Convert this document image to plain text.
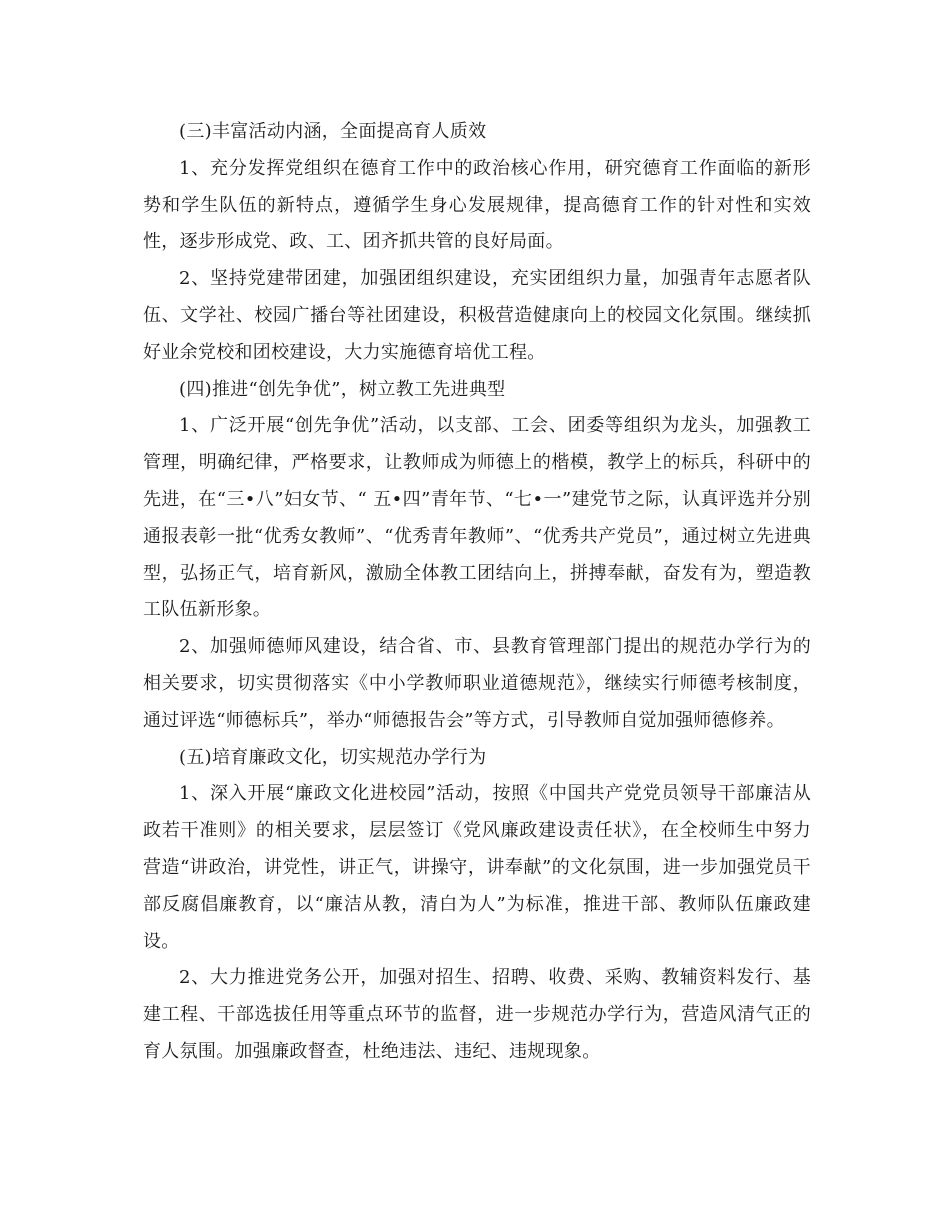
(三)丰富活动内涵，全面提高育人质效

1、充分发挥党组织在德育工作中的政治核心作用，研究德育工作面临的新形势和学生队伍的新特点，遵循学生身心发展规律，提高德育工作的针对性和实效性，逐步形成党、政、工、团齐抓共管的良好局面。

2、坚持党建带团建，加强团组织建设，充实团组织力量，加强青年志愿者队伍、文学社、校园广播台等社团建设，积极营造健康向上的校园文化氛围。继续抓好业余党校和团校建设，大力实施德育培优工程。

(四)推进“创先争优”，树立教工先进典型

1、广泛开展“创先争优”活动，以支部、工会、团委等组织为龙头，加强教工管理，明确纪律，严格要求，让教师成为师德上的楷模，教学上的标兵，科研中的先进，在“三•八”妇女节、“ 五•四”青年节、“七•一”建党节之际，认真评选并分别通报表彰一批“优秀女教师”、“优秀青年教师”、“优秀共产党员”，通过树立先进典型，弘扬正气，培育新风，激励全体教工团结向上，拼搏奉献，奋发有为，塑造教工队伍新形象。

2、加强师德师风建设，结合省、市、县教育管理部门提出的规范办学行为的相关要求，切实贯彻落实《中小学教师职业道德规范》，继续实行师德考核制度，通过评选“师德标兵”，举办“师德报告会”等方式，引导教师自觉加强师德修养。

(五)培育廉政文化，切实规范办学行为

1、深入开展“廉政文化进校园”活动，按照《中国共产党党员领导干部廉洁从政若干准则》的相关要求，层层签订《党风廉政建设责任状》，在全校师生中努力营造“讲政治，讲党性，讲正气，讲操守，讲奉献”的文化氛围，进一步加强党员干部反腐倡廉教育，以“廉洁从教，清白为人”为标准，推进干部、教师队伍廉政建设。

2、大力推进党务公开，加强对招生、招聘、收费、采购、教辅资料发行、基建工程、干部选拔任用等重点环节的监督，进一步规范办学行为，营造风清气正的育人氛围。加强廉政督查，杜绝违法、违纪、违规现象。
